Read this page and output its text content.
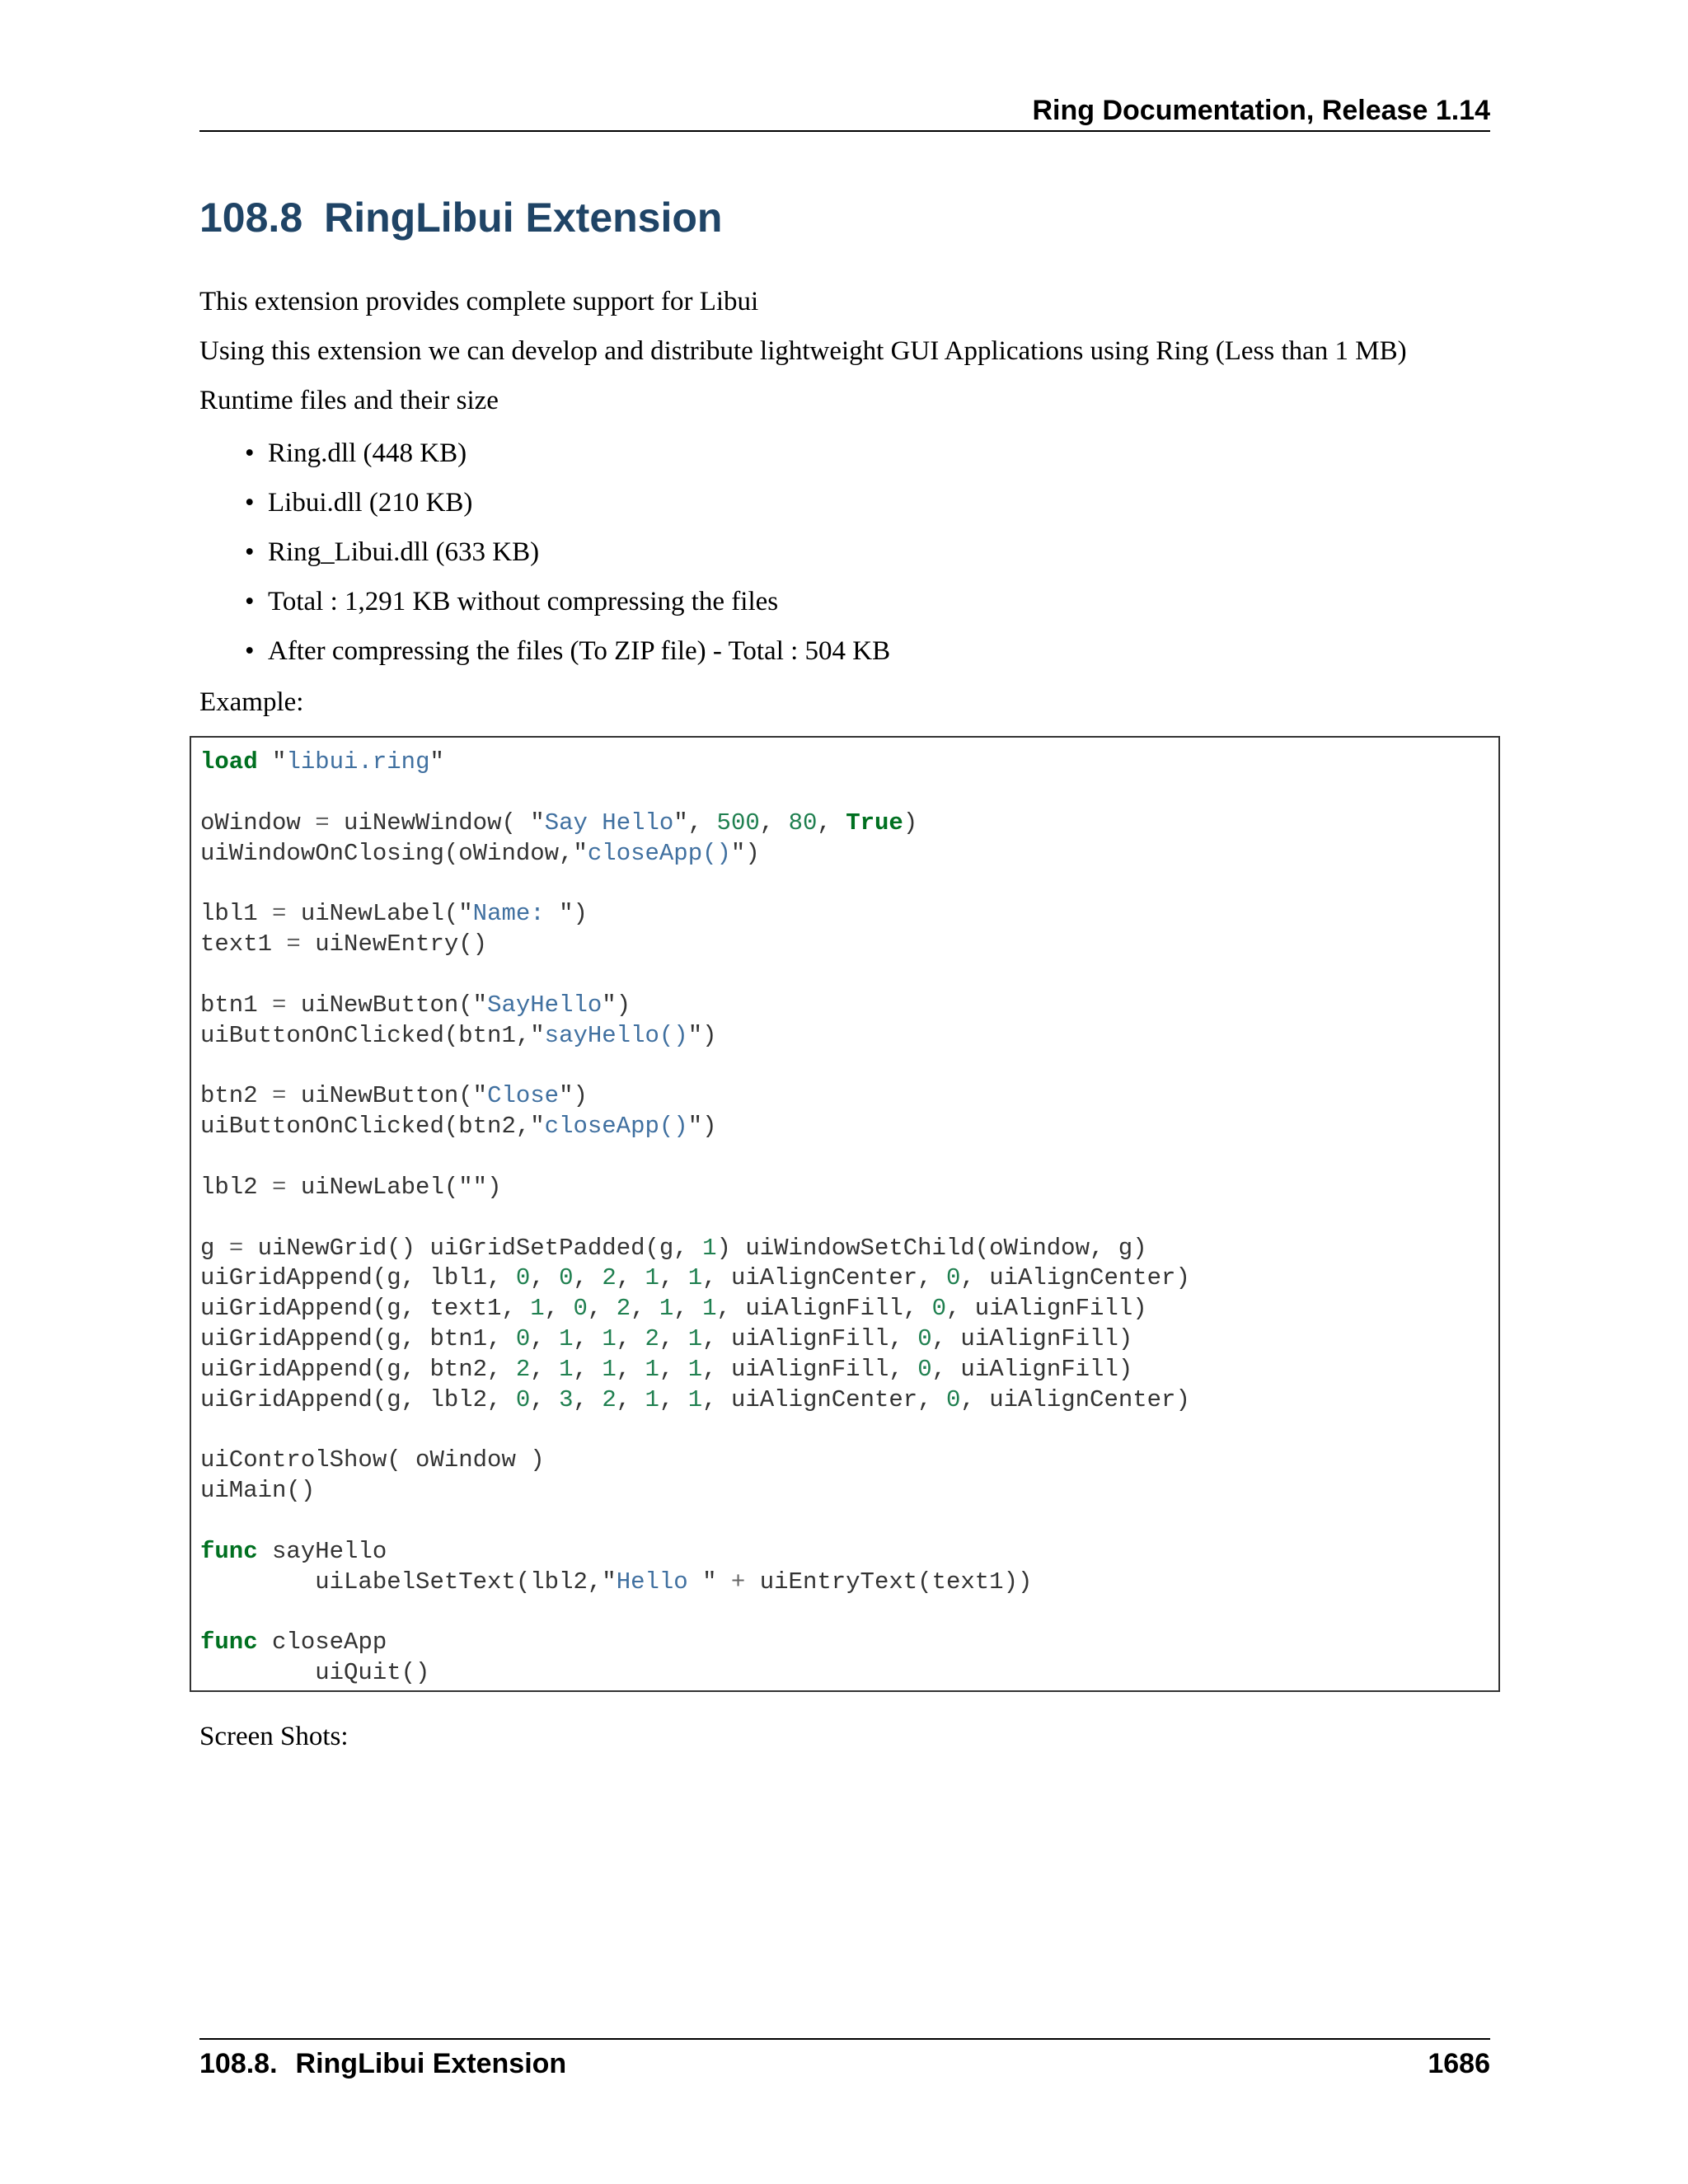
Ring Documentation, Release 1.14
108.8 RingLibui Extension

This extension provides complete support for Libui

Using this extension we can develop and distribute lightweight GUI Applications using Ring (Less than 1 MB)

Runtime files and their size

• Ring.dll (448 KB)
• Libui.dll (210 KB)
• Ring_Libui.dll (633 KB)
• Total : 1,291 KB without compressing the files
• After compressing the files (To ZIP file) - Total : 504 KB

Example:

load "libui.ring"

oWindow = uiNewWindow( "Say Hello", 500, 80, True)
uiWindowOnClosing(oWindow,"closeApp()")

lbl1 = uiNewLabel("Name: ")
text1 = uiNewEntry()

btn1 = uiNewButton("SayHello")
uiButtonOnClicked(btn1,"sayHello()")

btn2 = uiNewButton("Close")
uiButtonOnClicked(btn2,"closeApp()")

lbl2 = uiNewLabel("")

g = uiNewGrid() uiGridSetPadded(g, 1) uiWindowSetChild(oWindow, g)
uiGridAppend(g, lbl1, 0, 0, 2, 1, 1, uiAlignCenter, 0, uiAlignCenter)
uiGridAppend(g, text1, 1, 0, 2, 1, 1, uiAlignFill, 0, uiAlignFill)
uiGridAppend(g, btn1, 0, 1, 1, 2, 1, uiAlignFill, 0, uiAlignFill)
uiGridAppend(g, btn2, 2, 1, 1, 1, 1, uiAlignFill, 0, uiAlignFill)
uiGridAppend(g, lbl2, 0, 3, 2, 1, 1, uiAlignCenter, 0, uiAlignCenter)

uiControlShow( oWindow )
uiMain()

func sayHello
uiLabelSetText(lbl2,"Hello " + uiEntryText(text1))

func closeApp
uiQuit()

Screen Shots:

108.8. RingLibui Extension	1686
